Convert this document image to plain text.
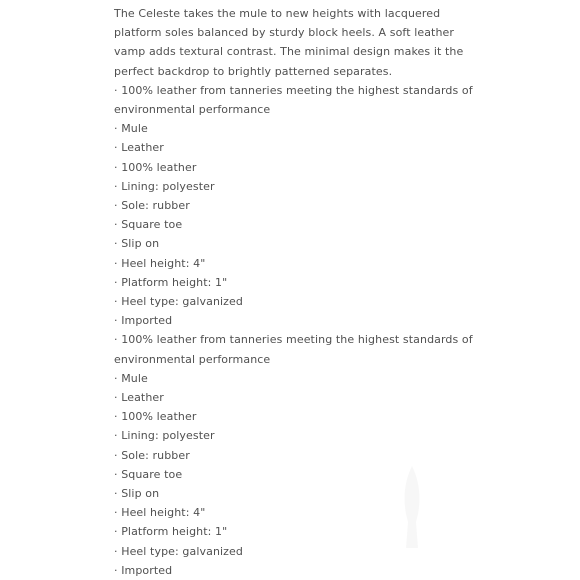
The Celeste takes the mule to new heights with lacquered platform soles balanced by sturdy block heels. A soft leather vamp adds textural contrast. The minimal design makes it the perfect backdrop to brightly patterned separates.

· 100% leather from tanneries meeting the highest standards of environmental performance
· Mule
· Leather
· 100% leather
· Lining: polyester
· Sole: rubber
· Square toe
· Slip on
· Heel height: 4"
· Platform height: 1"
· Heel type: galvanized
· Imported
· 100% leather from tanneries meeting the highest standards of environmental performance
· Mule
· Leather
· 100% leather
· Lining: polyester
· Sole: rubber
· Square toe
· Slip on
· Heel height: 4"
· Platform height: 1"
· Heel type: galvanized
· Imported
